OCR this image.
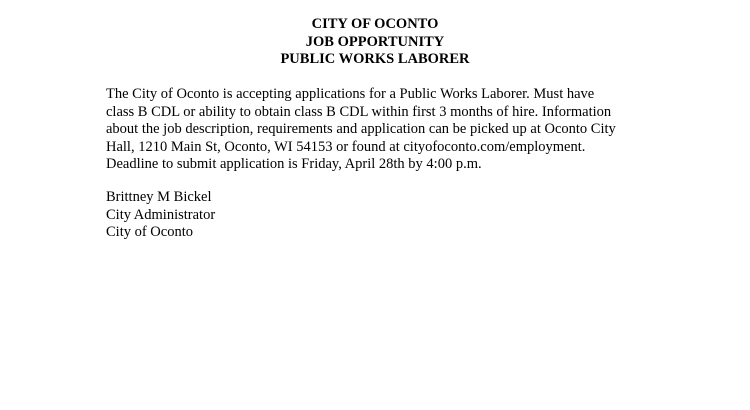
CITY OF OCONTO
JOB OPPORTUNITY
PUBLIC WORKS LABORER
The City of Oconto is accepting applications for a Public Works Laborer. Must have
class B CDL or ability to obtain class B CDL within first 3 months of hire. Information
about the job description, requirements and application can be picked up at Oconto City
Hall, 1210 Main St, Oconto, WI 54153 or found at cityofoconto.com/employment.
Deadline to submit application is Friday, April 28th by 4:00 p.m.
Brittney M Bickel
City Administrator
City of Oconto
